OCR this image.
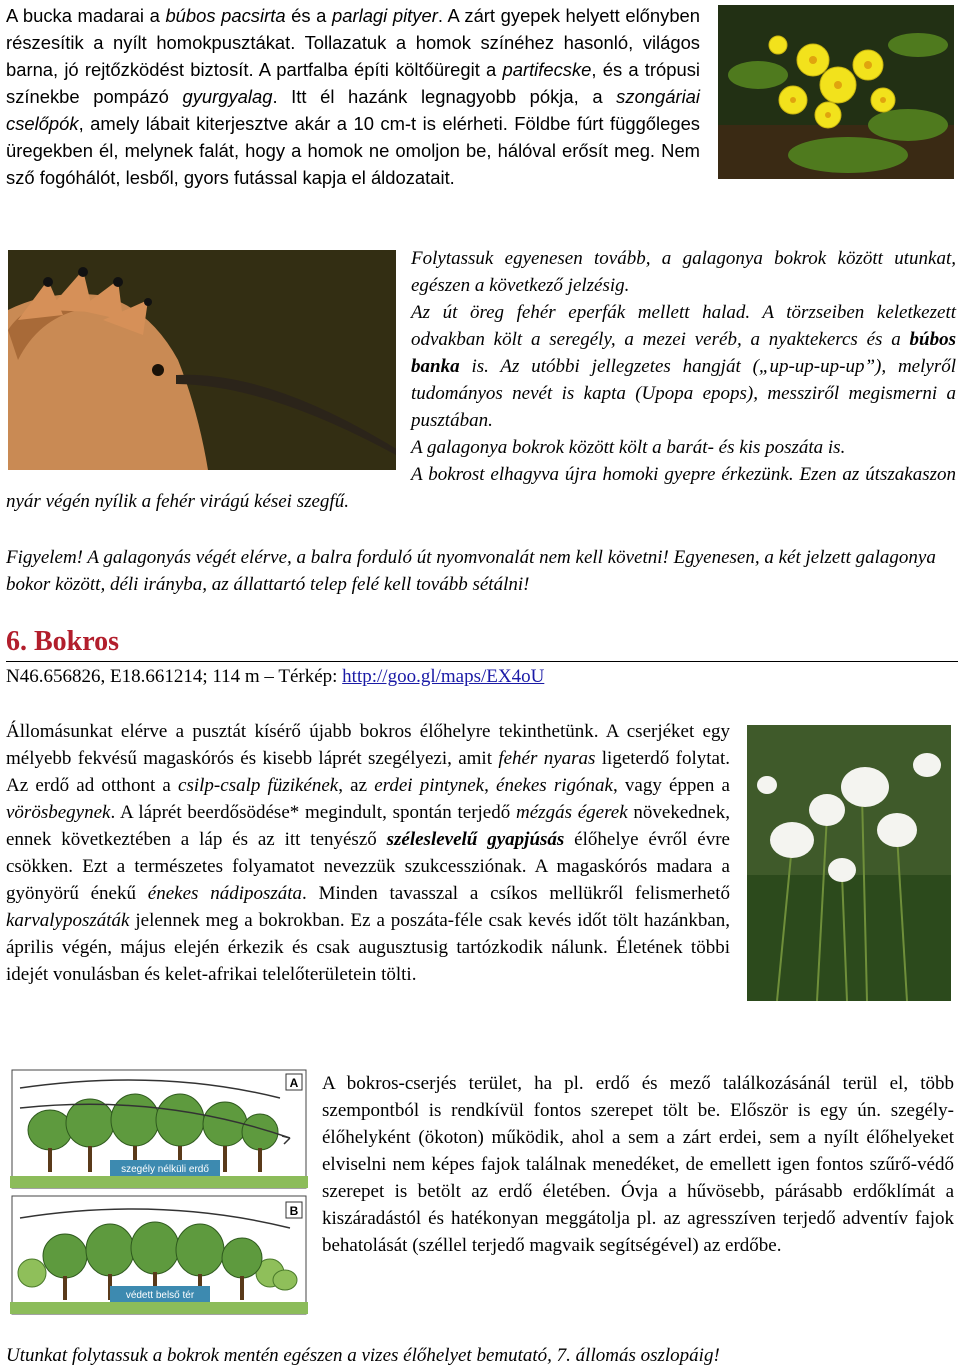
A bucka madarai a búbos pacsirta és a parlagi pityer. A zárt gyepek helyett előnyben részesítik a nyílt homokpusztákat. Tollazatuk a homok színéhez hasonló, világos barna, jó rejtőzködést biztosít. A partfalba építi költőüregit a partifecske, és a trópusi színekbe pompázó gyurgyalag. Itt él hazánk legnagyobb pókja, a szongáriai cselőpók, amely lábait kiterjesztve akár a 10 cm-t is elérheti. Földbe fúrt függőleges üregekben él, melynek falát, hogy a homok ne omoljon be, hálóval erősít meg. Nem sző fogóhálót, lesből, gyors futással kapja el áldozatait.

Folytassuk egyenesen tovább, a galagonya bokrok között utunkat, egészen a következő jelzésig.
Az út öreg fehér eperfák mellett halad. A törzseiben keletkezett odvakban költ a seregély, a mezei veréb, a nyaktekercs és a búbos banka is. Az utóbbi jellegzetes hangját („up-up-up-up”), melyről tudományos nevét is kapta (Upopa epops), messziről megismerni a pusztában.
A galagonya bokrok között költ a barát- és kis poszáta is.
A bokrost elhagyva újra homoki gyepre érkezünk. Ezen az útszakaszon nyár végén nyílik a fehér virágú kései szegfű.

Figyelem! A galagonyás végét elérve, a balra forduló út nyomvonalát nem kell követni! Egyenesen, a két jelzett galagonya bokor között, déli irányba, az állattartó telep felé kell tovább sétálni!

6. Bokros

N46.656826, E18.661214; 114 m – Térkép: http://goo.gl/maps/EX4oU

Állomásunkat elérve a pusztát kísérő újabb bokros élőhelyre tekinthetünk. A cserjéket egy mélyebb fekvésű magaskórós és kisebb láprét szegélyezi, amit fehér nyaras ligeterdő folytat. Az erdő ad otthont a csilp-csalp füzikének, az erdei pintynek, énekes rigónak, vagy éppen a vörösbegynek. A láprét beerdősödése* megindult, spontán terjedő mézgás égerek növekednek, ennek következtében a láp és az itt tenyésző széleslevelű gyapjúsás élőhelye évről évre csökken. Ezt a természetes folyamatot nevezzük szukcessziónak. A magaskórós madara a gyönyörű énekű énekes nádiposzáta. Minden tavasszal a csíkos mellükről felismerhető karvalyposzáták jelennek meg a bokrokban. Ez a poszáta-féle csak kevés időt tölt hazánkban, április végén, május elején érkezik és csak augusztusig tartózkodik nálunk. Életének többi idejét vonulásban és kelet-afrikai telelőterületein tölti.

szegély nélküli erdő
A
védett belső tér
B

A bokros-cserjés terület, ha pl. erdő és mező találkozásánál terül el, több szempontból is rendkívül fontos szerepet tölt be. Először is egy ún. szegély-élőhelyként (ökoton) működik, ahol a sem a zárt erdei, sem a nyílt élőhelyeket elviselni nem képes fajok találnak menedéket, de emellett igen fontos szűrő-védő szerepet is betölt az erdő életében. Óvja a hűvösebb, párásabb erdőklímát a kiszáradástól és hatékonyan meggátolja pl. az agresszíven terjedő adventív fajok behatolását (széllel terjedő magvaik segítségével) az erdőbe.

Utunkat folytassuk a bokrok mentén egészen a vizes élőhelyet bemutató, 7. állomás oszlopáig!
